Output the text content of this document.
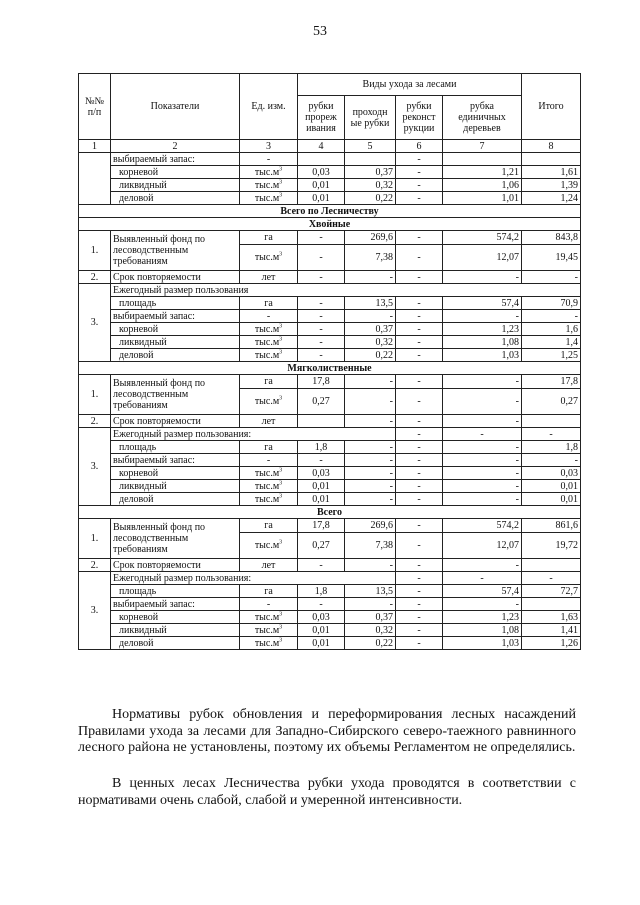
53
№№ п/п	Показатели	Ед. изм.	Виды ухода за лесами				Итого
			рубки прореж ивания	проходн ые рубки	рубки реконст рукции	рубка единичных деревьев	
1	2	3	4	5	6	7	8
	выбираемый запас:	-			-		
	корневой	$тыс.м^3$	0,03	0,37	-	1,21	1,61
	ликвидный	$тыс.м^3$	0,01	0,32	-	1,06	1,39
	деловой	$тыс.м^3$	0,01	0,22	-	1,01	1,24
Всего по Лесничеству							
Хвойные							
1.	Выявленный фонд по лесоводственным требованиям	га	-	269,6	-	574,2	843,8
		$тыс.м^3$	-	7,38	-	12,07	19,45
2.	Срок повторяемости	лет	-	-	-	-	-
3.	Ежегодный размер пользования						
	площадь	га	-	13,5	-	57,4	70,9
	выбираемый запас:	-	-	-	-	-	-
	корневой	$тыс.м^3$	-	0,37	-	1,23	1,6
	ликвидный	$тыс.м^3$	-	0,32	-	1,08	1,4
	деловой	$тыс.м^3$	-	0,22	-	1,03	1,25
Мягколиственные							
1.	Выявленный фонд по лесоводственным требованиям	га	17,8	-	-	-	17,8
		$тыс.м^3$	0,27	-	-	-	0,27
2.	Срок повторяемости	лет		-	-	-	
3.	Ежегодный размер пользования:				-	-	-
	площадь	га	1,8	-	-	-	1,8
	выбираемый запас:	-	-	-	-	-	-
	корневой	$тыс.м^3$	0,03	-	-	-	0,03
	ликвидный	$тыс.м^3$	0,01	-	-	-	0,01
	деловой	$тыс.м^3$	0,01	-	-	-	0,01
Всего							
1.	Выявленный фонд по лесоводственным требованиям	га	17,8	269,6	-	574,2	861,6
		$тыс.м^3$	0,27	7,38	-	12,07	19,72
2.	Срок повторяемости	лет	-	-	-	-	
3.	Ежегодный размер пользования:				-	-	-
	площадь	га	1,8	13,5	-	57,4	72,7
	выбираемый запас:	-	-	-	-	-	
	корневой	$тыс.м^3$	0,03	0,37	-	1,23	1,63
	ликвидный	$тыс.м^3$	0,01	0,32	-	1,08	1,41
	деловой	$тыс.м^3$	0,01	0,22	-	1,03	1,26

Нормативы рубок обновления и переформирования лесных насаждений Правилами ухода за лесами для Западно-Сибирского северо-таежного равнинного лесного района не установлены, поэтому их объемы Регламентом не определялись.

В ценных лесах Лесничества рубки ухода проводятся в соответствии с нормативами очень слабой, слабой и умеренной интенсивности.
